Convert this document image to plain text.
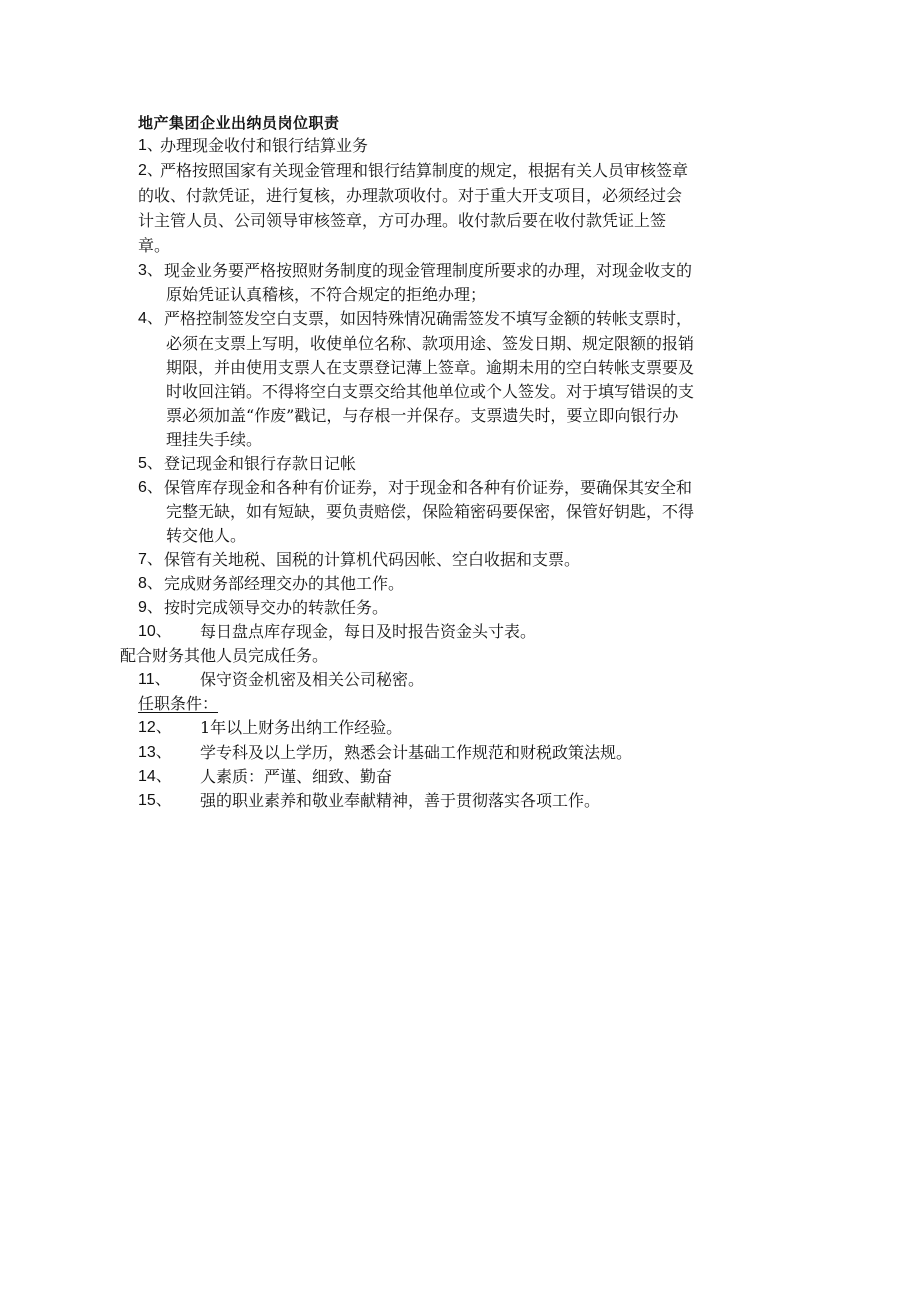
地产集团企业出纳员岗位职责
1、
办理现金收付和银行结算业务
2、
严格按照国家有关现金管理和银行结算制度的规定，根据有关人员审核签章
的收、付款凭证，进行复核，办理款项收付。对于重大开支项目，必须经过会
计主管人员、公司领导审核签章，方可办理。收付款后要在收付款凭证上签
章。
3、 现金业务要严格按照财务制度的现金管理制度所要求的办理，对现金收支的
原始凭证认真稽核，不符合规定的拒绝办理；
4、 严格控制签发空白支票，如因特殊情况确需签发不填写金额的转帐支票时，
必须在支票上写明，收使单位名称、款项用途、签发日期、规定限额的报销
期限，并由使用支票人在支票登记薄上签章。逾期未用的空白转帐支票要及
时收回注销。不得将空白支票交给其他单位或个人签发。对于填写错误的支
票必须加盖“作废”戳记，与存根一并保存。支票遗失时，要立即向银行办
理挂失手续。
5、 登记现金和银行存款日记帐
6、 保管库存现金和各种有价证券，对于现金和各种有价证券，要确保其安全和
完整无缺，如有短缺，要负责赔偿，保险箱密码要保密，保管好钥匙，不得
转交他人。
7、 保管有关地税、国税的计算机代码因帐、空白收据和支票。
8、 完成财务部经理交办的其他工作。
9、 按时完成领导交办的转款任务。
10、 每日盘点库存现金，每日及时报告资金头寸表。
配合财务其他人员完成任务。
11、 保守资金机密及相关公司秘密。
任职条件：
12、 1年以上财务出纳工作经验。
13、 学专科及以上学历，熟悉会计基础工作规范和财税政策法规。
14、 人素质：严谨、细致、勤奋
15、 强的职业素养和敬业奉献精神，善于贯彻落实各项工作。
